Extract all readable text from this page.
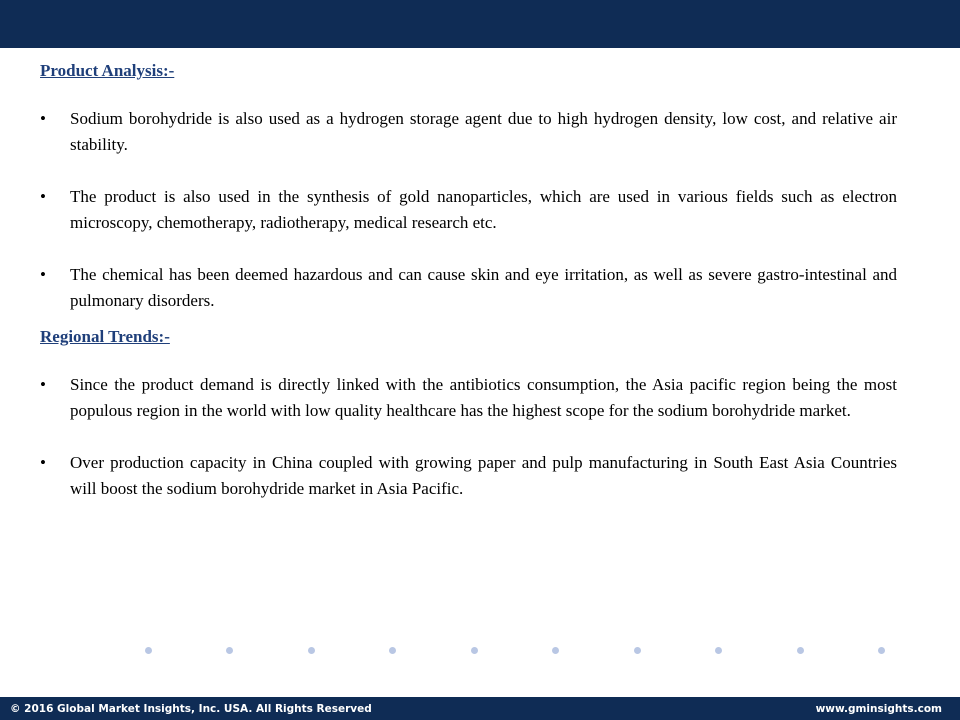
Product Analysis:-
• Sodium borohydride is also used as a hydrogen storage agent due to high hydrogen density, low cost, and relative air stability.
• The product is also used in the synthesis of gold nanoparticles, which are used in various fields such as electron microscopy, chemotherapy, radiotherapy, medical research etc.
• The chemical has been deemed hazardous and can cause skin and eye irritation, as well as severe gastro-intestinal and pulmonary disorders.
Regional Trends:-
• Since the product demand is directly linked with the antibiotics consumption, the Asia pacific region being the most populous region in the world with low quality healthcare has the highest scope for the sodium borohydride market.
• Over production capacity in China coupled with growing paper and pulp manufacturing in South East Asia Countries will boost the sodium borohydride market in Asia Pacific.
© 2016 Global Market Insights, Inc. USA. All Rights Reserved	www.gminsights.com
